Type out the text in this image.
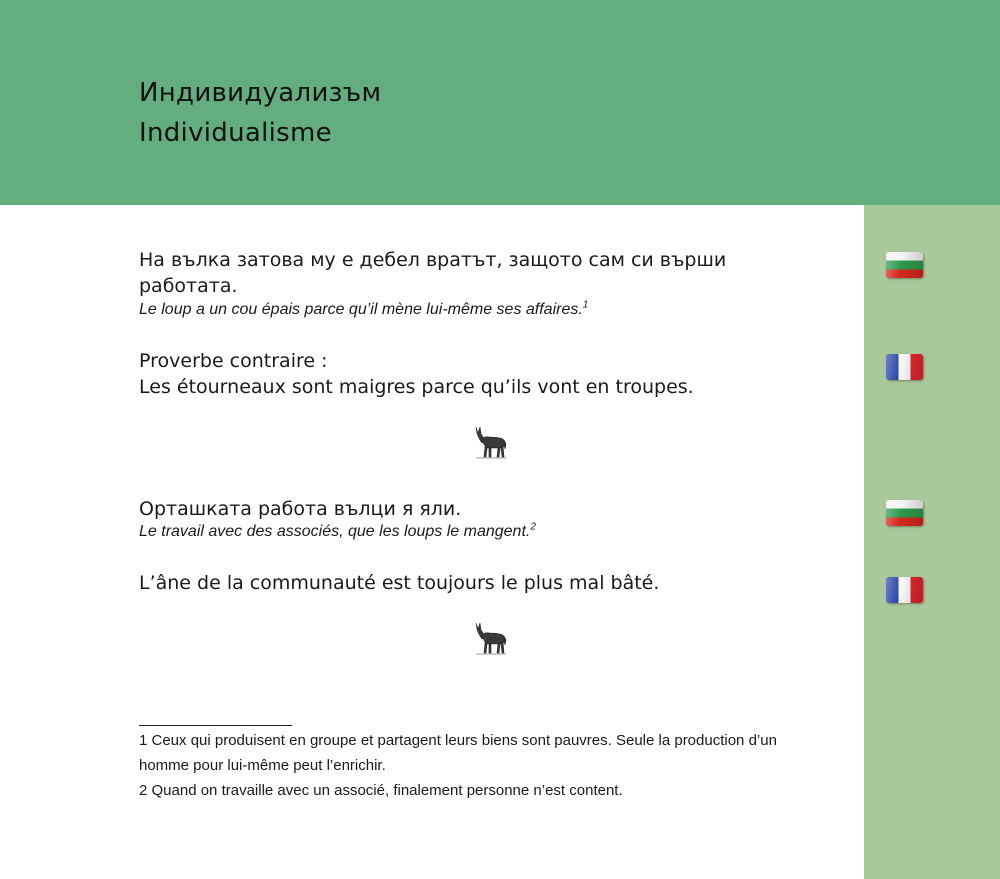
Индивидуализъм
Individualisme
На вълка затова му е дебел вратът, защото сам си върши работата.
Le loup a un cou épais parce qu’il mène lui-même ses affaires.$^1$
Proverbe contraire :
Les étourneaux sont maigres parce qu’ils vont en troupes.
Орташката работа вълци я яли.
Le travail avec des associés, que les loups le mangent.$^2$
L’âne de la communauté est toujours le plus mal bâté.
1 Ceux qui produisent en groupe et partagent leurs biens sont pauvres. Seule la production d’un homme pour lui-même peut l’enrichir.
2 Quand on travaille avec un associé, finalement personne n’est content.
